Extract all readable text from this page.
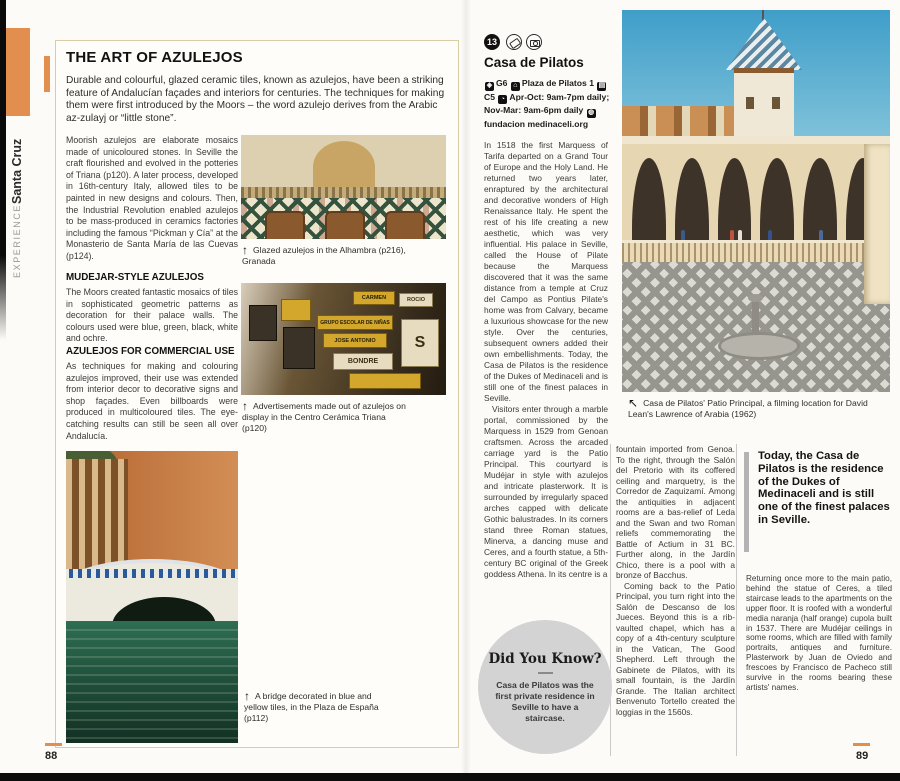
EXPERIENCE
Santa Cruz
THE ART OF AZULEJOS
Durable and colourful, glazed ceramic tiles, known as azulejos, have been a striking feature of Andalucían façades and interiors for centuries. The techniques for making them were first introduced by the Moors – the word azulejo derives from the Arabic az-zulayj or “little stone”.
Moorish azulejos are elaborate mosaics made of unicoloured stones. In Seville the craft flourished and evolved in the potteries of Triana (p120). A later process, developed in 16th-century Italy, allowed tiles to be painted in new designs and colours. Then, the Industrial Revolution enabled azulejos to be mass-produced in ceramics factories including the famous “Pickman y Cía” at the Monasterio de Santa María de las Cuevas (p124).
MUDEJAR-STYLE AZULEJOS
The Moors created fantastic mosaics of tiles in sophisticated geometric patterns as decoration for their palace walls. The colours used were blue, green, black, white and ochre.
AZULEJOS FOR COMMERCIAL USE
As techniques for making and colouring azulejos improved, their use was extended from interior decor to decorative signs and shop façades. Even billboards were produced in multicoloured tiles. The eye-catching results can still be seen all over Andalucía.
↑ Glazed azulejos in the Alhambra (p216), Granada
GRUPO ESCOLAR DE NIÑAS
JOSE ANTONIO
BONDRE
CARMEN	ROCIO
S
↑ Advertisements made out of azulejos on display in the Centro Cerámica Triana (p120)
↑ A bridge decorated in blue and yellow tiles, in the Plaza de España (p112)
13
Casa de Pilatos
◈ G6 ⌂ Plaza de Pilatos 1 ▤C5 ◔ Apr-Oct: 9am-7pm daily; Nov-Mar: 9am-6pm daily ◍fundacion medinaceli.org

In 1518 the first Marquess of Tarifa departed on a Grand Tour of Europe and the Holy Land. He returned two years later, enraptured by the architectural and decorative wonders of High Renaissance Italy. He spent the rest of his life creating a new aesthetic, which was very influential. His palace in Seville, called the House of Pilate because the Marquess discovered that it was the same distance from a temple at Cruz del Campo as Pontius Pilate's home was from Calvary, became a luxurious showcase for the new style. Over the centuries, subsequent owners added their own embellishments. Today, the Casa de Pilatos is the residence of the Dukes of Medinaceli and is still one of the finest palaces in Seville.

Visitors enter through a marble portal, commissioned by the Marquess in 1529 from Genoan craftsmen. Across the arcaded carriage yard is the Patio Principal. This courtyard is Mudéjar in style with azulejos and intricate plasterwork. It is surrounded by irregularly spaced arches capped with delicate Gothic balustrades. In its corners stand three Roman statues, Minerva, a dancing muse and Ceres, and a fourth statue, a 5th-century BC original of the Greek goddess Athena. In its centre is a

fountain imported from Genoa. To the right, through the Salón del Pretorio with its coffered ceiling and marquetry, is the Corredor de Zaquizamí. Among the antiquities in adjacent rooms are a bas-relief of Leda and the Swan and two Roman reliefs commemorating the Battle of Actium in 31 BC. Further along, in the Jardín Chico, there is a pool with a bronze of Bacchus.

Coming back to the Patio Principal, you turn right into the Salón de Descanso de los Jueces. Beyond this is a rib-vaulted chapel, which has a copy of a 4th-century sculpture in the Vatican, The Good Shepherd. Left through the Gabinete de Pilatos, with its small fountain, is the Jardín Grande. The Italian architect Benvenuto Tortello created the loggias in the 1560s.

Did You Know?
Casa de Pilatos was the first private residence in Seville to have a staircase.
↖ Casa de Pilatos' Patio Principal, a filming location for David Lean's Lawrence of Arabia (1962)
Today, the Casa de Pilatos is the residence of the Dukes of Medinaceli and is still one of the finest palaces in Seville.
Returning once more to the main patio, behind the statue of Ceres, a tiled staircase leads to the apartments on the upper floor. It is roofed with a wonderful media naranja (half orange) cupola built in 1537. There are Mudéjar ceilings in some rooms, which are filled with family portraits, antiques and furniture. Plasterwork by Juan de Oviedo and frescoes by Francisco de Pacheco still survive in the rooms bearing these artists' names.
88	89
